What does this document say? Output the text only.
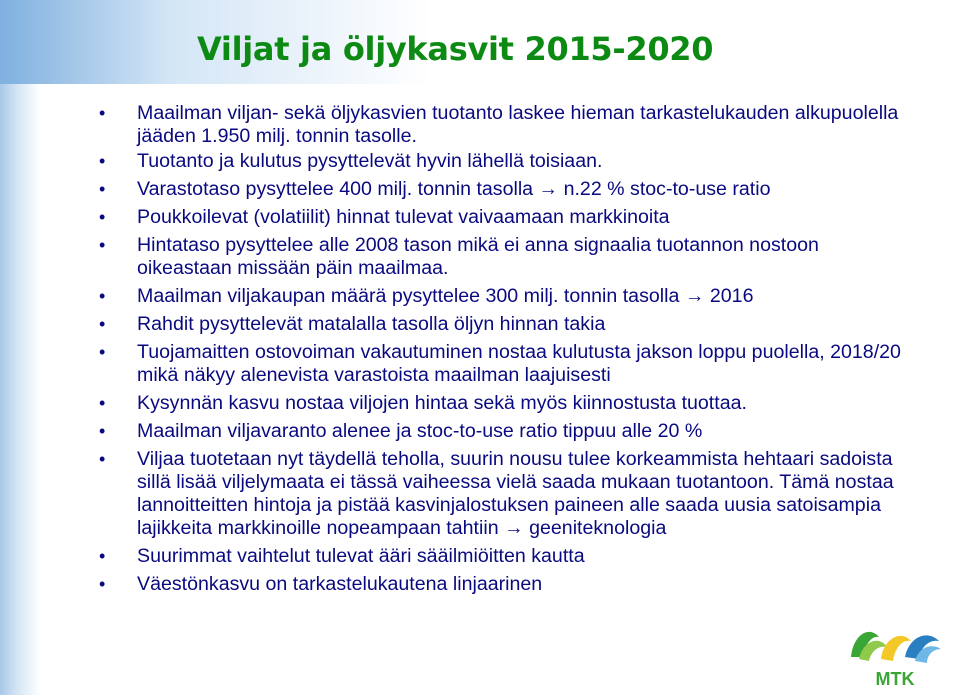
Viljat ja öljykasvit 2015-2020
• Maailman viljan- sekä öljykasvien tuotanto laskee hieman tarkastelukauden alkupuolella jääden 1.950 milj. tonnin tasolle.
• Tuotanto ja kulutus pysyttelevät hyvin lähellä toisiaan.
• Varastotaso pysyttelee 400 milj. tonnin tasolla → n.22 % stoc-to-use ratio
• Poukkoilevat (volatiilit) hinnat tulevat vaivaamaan markkinoita
• Hintataso pysyttelee alle 2008 tason mikä ei anna signaalia tuotannon nostoon oikeastaan missään päin maailmaa.
• Maailman viljakaupan määrä pysyttelee 300 milj. tonnin tasolla → 2016
• Rahdit pysyttelevät matalalla tasolla öljyn hinnan takia
• Tuojamaitten ostovoiman vakautuminen nostaa kulutusta jakson loppu puolella, 2018/20 mikä näkyy alenevista varastoista maailman laajuisesti
• Kysynnän kasvu nostaa viljojen hintaa sekä myös kiinnostusta tuottaa.
• Maailman viljavaranto alenee ja stoc-to-use ratio tippuu alle 20 %
• Viljaa tuotetaan nyt täydellä teholla, suurin nousu tulee korkeammista hehtaari sadoista sillä lisää viljelymaata ei tässä vaiheessa vielä saada mukaan tuotantoon. Tämä nostaa lannoitteitten hintoja ja pistää kasvinjalostuksen paineen alle saada uusia satoisampia lajikkeita markkinoille nopeampaan tahtiin → geeniteknologia
• Suurimmat vaihtelut tulevat ääri sääilmiöitten kautta
• Väestönkasvu on tarkastelukautena linjaarinen
MTK
